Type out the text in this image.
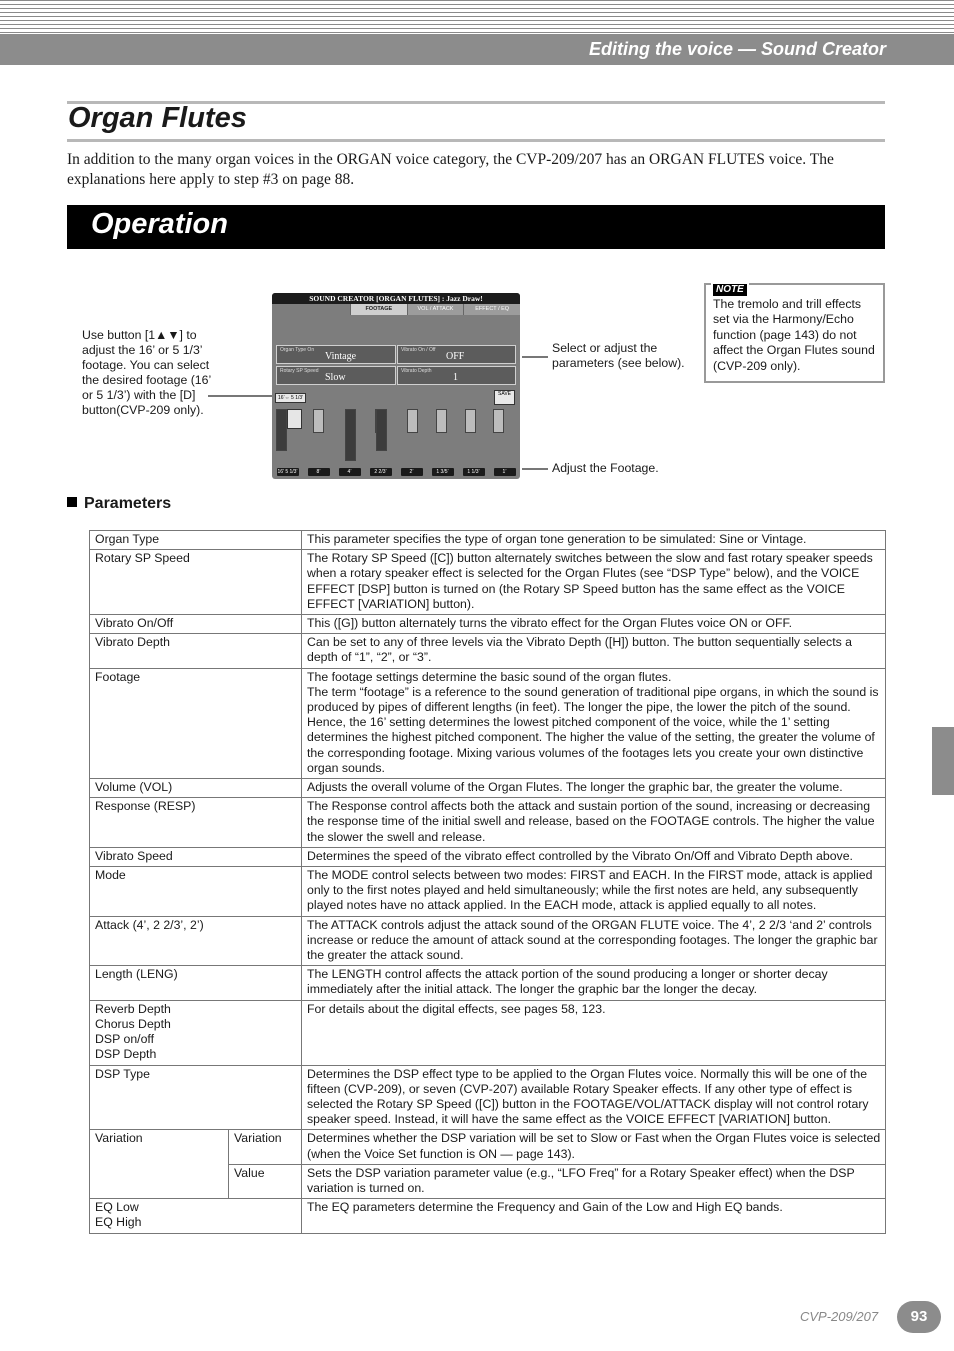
Editing the voice — Sound Creator
Organ Flutes
In addition to the many organ voices in the ORGAN voice category, the CVP-209/207 has an ORGAN FLUTES voice. The explanations here apply to step #3 on page 88.
Operation
Use button [1▲▼] to adjust the 16’ or 5 1/3’ footage. You can select the desired footage (16’ or 5 1/3’) with the [D] button(CVP-209 only).
Select or adjust the parameters (see below).
Adjust the Footage.
NOTE
The tremolo and trill effects set via the Harmony/Echo function (page 143) do not affect the Organ Flutes sound (CVP-209 only).
SOUND CREATOR [ORGAN FLUTES] : Jazz Draw!
FOOTAGE	VOL / ATTACK	EFFECT / EQ
Organ Type On
Vintage
Vibrato On / Off
OFF
Rotary SP Speed
Slow
Vibrato Depth
1
16’⇔ 5 1/3’
SAVE
16’ 5 1/3’	8’	4’	2 2/3’	2’	1 3/5’	1 1/3’	1’
Parameters
Organ Type		This parameter specifies the type of organ tone generation to be simulated: Sine or Vintage.
Rotary SP Speed		The Rotary SP Speed ([C]) button alternately switches between the slow and fast rotary speaker speeds when a rotary speaker effect is selected for the Organ Flutes (see “DSP Type” below), and the VOICE EFFECT [DSP] button is turned on (the Rotary SP Speed button has the same effect as the VOICE EFFECT [VARIATION] button).
Vibrato On/Off		This ([G]) button alternately turns the vibrato effect for the Organ Flutes voice ON or OFF.
Vibrato Depth		Can be set to any of three levels via the Vibrato Depth ([H]) button. The button sequentially selects a depth of “1”, “2”, or “3”.
Footage		The footage settings determine the basic sound of the organ flutes.
The term “footage” is a reference to the sound generation of traditional pipe organs, in which the sound is produced by pipes of different lengths (in feet). The longer the pipe, the lower the pitch of the sound. Hence, the 16’ setting determines the lowest pitched component of the voice, while the 1’ setting determines the highest pitched component. The higher the value of the setting, the greater the volume of the corresponding footage. Mixing various volumes of the footages lets you create your own distinctive organ sounds.
Volume (VOL)		Adjusts the overall volume of the Organ Flutes. The longer the graphic bar, the greater the volume.
Response (RESP)		The Response control affects both the attack and sustain portion of the sound, increasing or decreasing the response time of the initial swell and release, based on the FOOTAGE controls. The higher the value the slower the swell and release.
Vibrato Speed		Determines the speed of the vibrato effect controlled by the Vibrato On/Off and Vibrato Depth above.
Mode		The MODE control selects between two modes: FIRST and EACH. In the FIRST mode, attack is applied only to the first notes played and held simultaneously; while the first notes are held, any subsequently played notes have no attack applied. In the EACH mode, attack is applied equally to all notes.
Attack (4’, 2 2/3’, 2’)		The ATTACK controls adjust the attack sound of the ORGAN FLUTE voice. The 4’, 2 2/3 ‘and 2’ controls increase or reduce the amount of attack sound at the corresponding footages. The longer the graphic bar the greater the attack sound.
Length (LENG)		The LENGTH control affects the attack portion of the sound producing a longer or shorter decay immediately after the initial attack. The longer the graphic bar the longer the decay.
Reverb Depth
Chorus Depth
DSP on/off
DSP Depth		For details about the digital effects, see pages 58, 123.
DSP Type		Determines the DSP effect type to be applied to the Organ Flutes voice. Normally this will be one of the fifteen (CVP-209), or seven (CVP-207) available Rotary Speaker effects. If any other type of effect is selected the Rotary SP Speed ([C]) button in the FOOTAGE/VOL/ATTACK display will not control rotary speaker speed. Instead, it will have the same effect as the VOICE EFFECT [VARIATION] button.
Variation	Variation	Determines whether the DSP variation will be set to Slow or Fast when the Organ Flutes voice is selected (when the Voice Set function is ON — page 143).
	Value	Sets the DSP variation parameter value (e.g., “LFO Freq” for a Rotary Speaker effect) when the DSP variation is turned on.
EQ Low
EQ High		The EQ parameters determine the Frequency and Gain of the Low and High EQ bands.
CVP-209/207	93
